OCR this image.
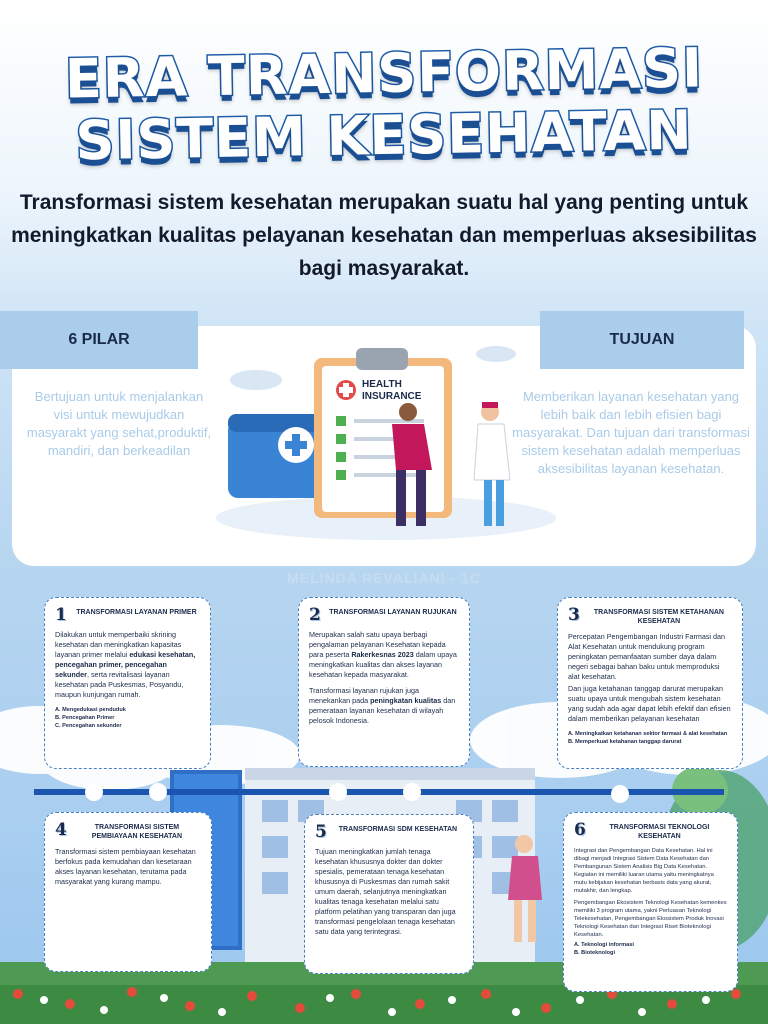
ERA TRANSFORMASI
SISTEM KESEHATAN
Transformasi sistem kesehatan merupakan suatu hal yang penting untuk meningkatkan kualitas pelayanan kesehatan dan memperluas aksesibilitas bagi masyarakat.
6 PILAR	TUJUAN
Bertujuan untuk menjalankan visi untuk mewujudkan masyarakt yang sehat,produktif, mandiri, dan berkeadilan
Memberikan layanan kesehatan yang lebih baik dan lebih efisien bagi masyarakat. Dan tujuan dari transformasi sistem kesehatan adalah memperluas aksesibilitas layanan kesehatan.
HEALTH
INSURANCE
MELINDA REVALIANI - 1C
1	TRANSFORMASI LAYANAN PRIMER

Dilakukan untuk memperbaiki skrining kesehatan dan meningkatkan kapasitas layanan primer melalui edukasi kesehatan, pencegahan primer, pencegahan sekunder, serta revitalisasi layanan kesehatan pada Puskesmas, Posyandu, maupun kunjungan rumah.

A. Mengedukasi penduduk
B. Pencegahan Primer
C. Pencegahan sekunder
2	TRANSFORMASI LAYANAN RUJUKAN

Merupakan salah satu upaya berbagi pengalaman pelayanan Kesehatan kepada para peserta Rakerkesnas 2023 dalam upaya meningkatkan kualitas dan akses layanan kesehatan kepada masyarakat.

Transformasi layanan rujukan juga menekankan pada peningkatan kualitas dan pemerataan layanan kesehatan di wilayah pelosok Indonesia.

3	TRANSFORMASI SISTEM KETAHANAN KESEHATAN

Percepatan Pengembangan Industri Farmasi dan Alat Kesehatan untuk mendukung program peningkatan pemanfaatan sumber daya dalam negeri sebagai bahan baku untuk memproduksi alat kesehatan.

Dan juga ketahanan tanggap darurat merupakan suatu upaya untuk mengubah sistem kesehatan yang sudah ada agar dapat lebih efektif dan efisien dalam memberikan pelayanan kesehatan

A. Meningkatkan ketahanan sektor farmasi & alat kesehatan
B. Memperkuat ketahanan tanggap darurat
4	TRANSFORMASI SISTEM PEMBIAYAAN KESEHATAN

Transformasi sistem pembiayaan kesehatan berfokus pada kemudahan dan kesetaraan akses layanan kesehatan, terutama pada masyarakat yang kurang mampu.

5	TRANSFORMASI SDM KESEHATAN

Tujuan meningkatkan jumlah tenaga kesehatan khususnya dokter dan dokter spesialis, pemerataan tenaga kesehatan khususnya di Puskesmas dan rumah sakit umum daerah, selanjutnya meningkatkan kualitas tenaga kesehatan melalui satu platform pelatihan yang transparan dan juga transformasi pengelolaan tenaga kesehatan satu data yang terintegrasi.

6	TRANSFORMASI TEKNOLOGI KESEHATAN

Integrasi dan Pengembangan Data Kesehatan. Hal ini dibagi menjadi Integrasi Sistem Data Kesehatan dan Pembangunan Sistem Analisis Big Data Kesehatan. Kegiatan ini memiliki luaran utama yaitu meningkatnya mutu kebijakan kesehatan berbasis data yang akurat, mutakhir, dan lengkap.

Pengembangan Ekosistem Teknologi Kesehatan kemenkes memiliki 3 program utama, yakni Perluasan Teknologi Telekesehatan, Pengembangan Ekosistem Produk Inovasi Teknologi Kesehatan dan Integrasi Riset Bioteknologi Kesehatan.

A. Teknologi informasi
B. Bioteknologi
